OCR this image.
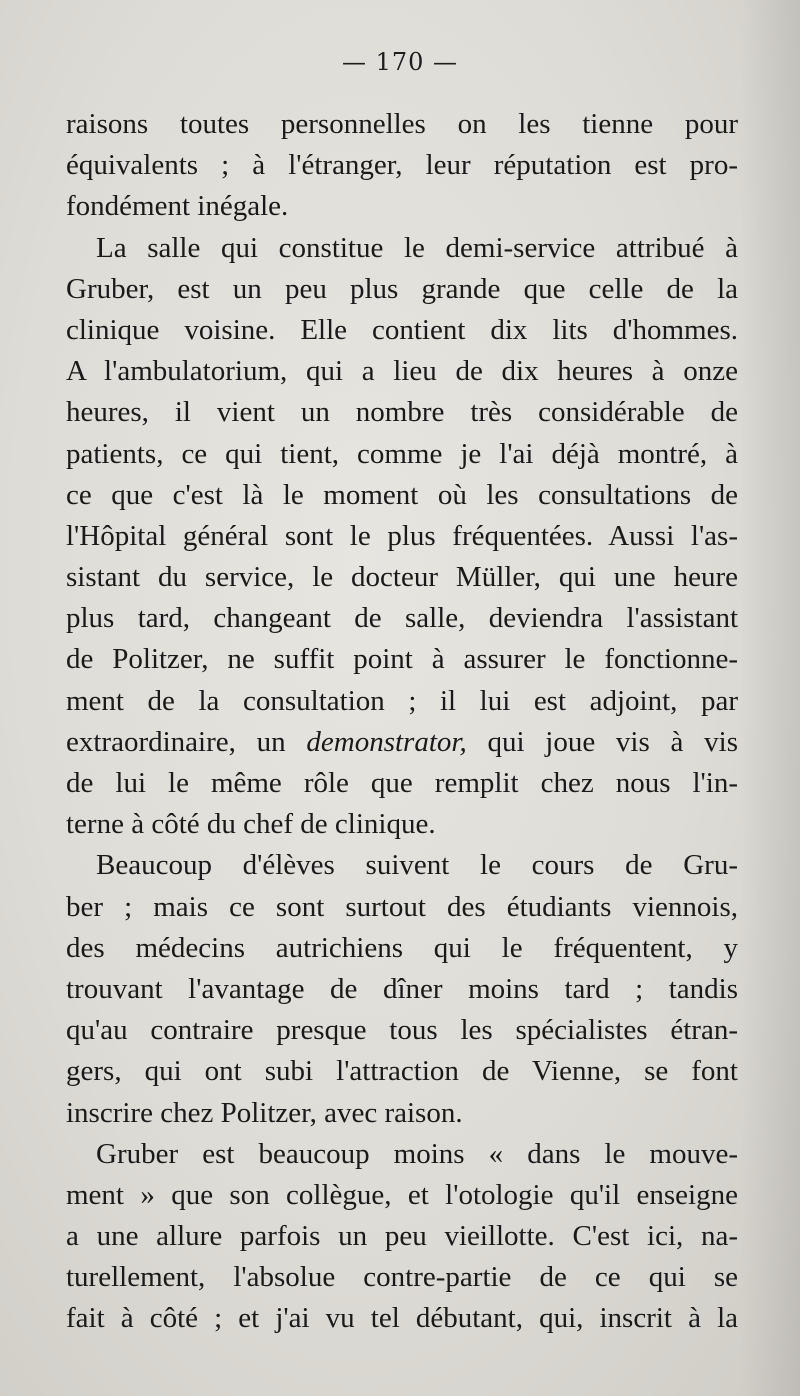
— 170 —
raisons toutes personnelles on les tienne pour
équivalents ; à l'étranger, leur réputation est pro-
fondément inégale.
La salle qui constitue le demi-service attribué à
Gruber, est un peu plus grande que celle de la
clinique voisine. Elle contient dix lits d'hommes.
A l'ambulatorium, qui a lieu de dix heures à onze
heures, il vient un nombre très considérable de
patients, ce qui tient, comme je l'ai déjà montré, à
ce que c'est là le moment où les consultations de
l'Hôpital général sont le plus fréquentées. Aussi l'as-
sistant du service, le docteur Müller, qui une heure
plus tard, changeant de salle, deviendra l'assistant
de Politzer, ne suffit point à assurer le fonctionne-
ment de la consultation ; il lui est adjoint, par
extraordinaire, un demonstrator, qui joue vis à vis
de lui le même rôle que remplit chez nous l'in-
terne à côté du chef de clinique.
Beaucoup d'élèves suivent le cours de Gru-
ber ; mais ce sont surtout des étudiants viennois,
des médecins autrichiens qui le fréquentent, y
trouvant l'avantage de dîner moins tard ; tandis
qu'au contraire presque tous les spécialistes étran-
gers, qui ont subi l'attraction de Vienne, se font
inscrire chez Politzer, avec raison.
Gruber est beaucoup moins « dans le mouve-
ment » que son collègue, et l'otologie qu'il enseigne
a une allure parfois un peu vieillotte. C'est ici, na-
turellement, l'absolue contre-partie de ce qui se
fait à côté ; et j'ai vu tel débutant, qui, inscrit à la
